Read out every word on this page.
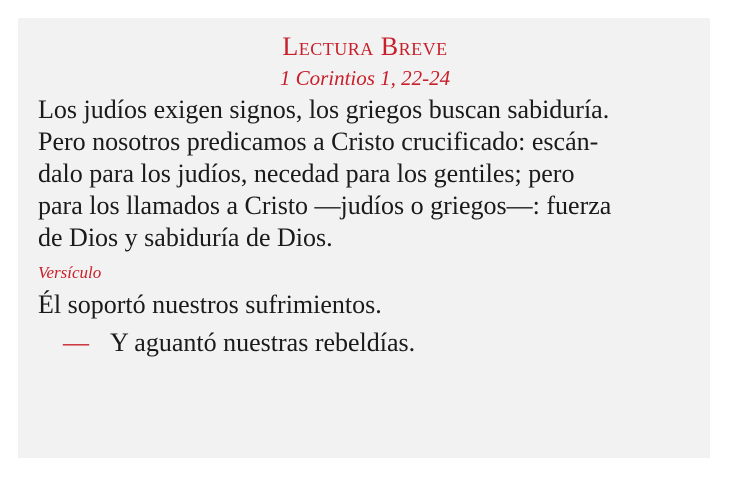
Lectura Breve

1 Corintios 1, 22-24

Los judíos exigen signos, los griegos buscan sabiduría.
Pero nosotros predicamos a Cristo crucificado: escán-
dalo para los judíos, necedad para los gentiles; pero
para los llamados a Cristo —judíos o griegos—: fuerza
de Dios y sabiduría de Dios.

Versículo

Él soportó nuestros sufrimientos.

— Y aguantó nuestras rebeldías.
